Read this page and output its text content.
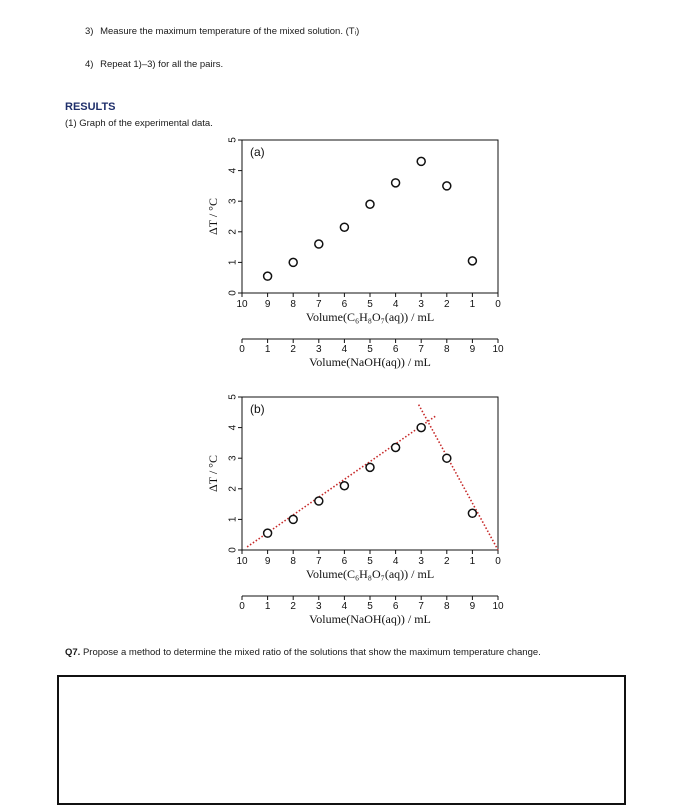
3) Measure the maximum temperature of the mixed solution. (Tᵢ)
4) Repeat 1)–3) for all the pairs.
RESULTS
(1) Graph of the experimental data.
0
1
2
3
4
5
ΔT / °C
10 9 8 7 6 5 4 3 2 1 0
Volume(C₆H₈O₇(aq)) / mL
0 1 2 3 4 5 6 7 8 9 10
Volume(NaOH(aq)) / mL
(a)
0
1
2
3
4
5
ΔT / °C
10 9 8 7 6 5 4 3 2 1 0
Volume(C₆H₈O₇(aq)) / mL
0 1 2 3 4 5 6 7 8 9 10
Volume(NaOH(aq)) / mL
(b)
Q7. Propose a method to determine the mixed ratio of the solutions that show the maximum temperature change.
